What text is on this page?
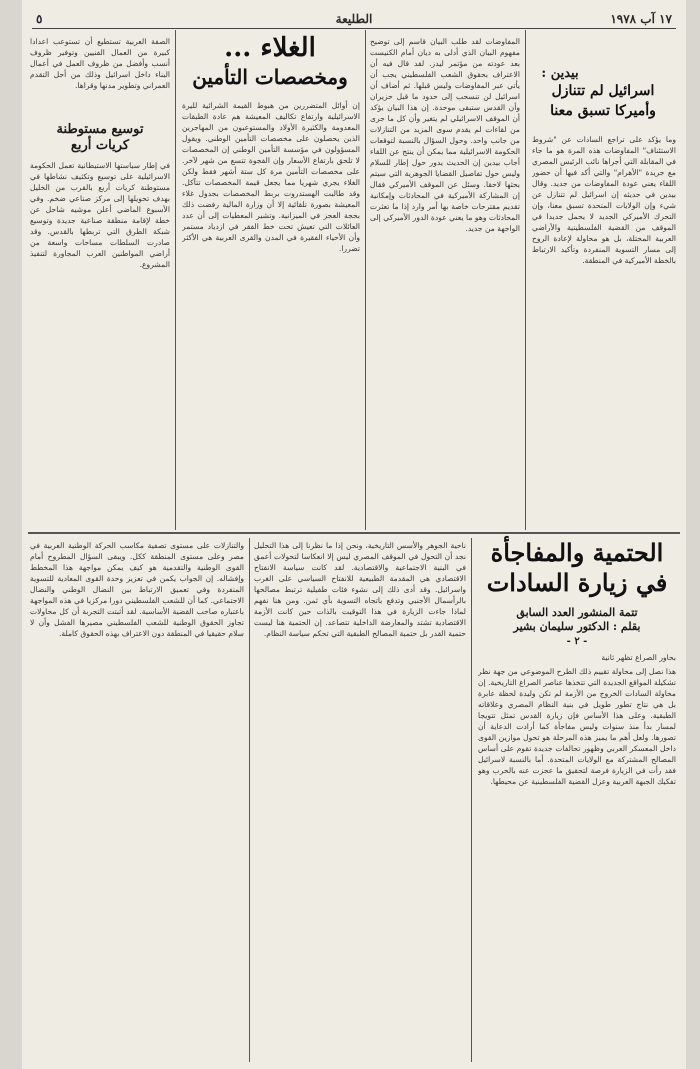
١٧ آب ١٩٧٨
الطليعة
٥
بيدين :
اسرائيل لم تتنازل
وأميركا تسبق معنا
وما يؤكد على تراجع السادات عن "شروط الاستئناف" المفاوضات هذه المرة هو ما جاء في المقابلة التي أجراها نائب الرئيس المصري مع جريدة "الأهرام" والتي أكد فيها أن حضور اللقاء يعني عودة المفاوضات من جديد. وقال بيدين في حديثه إن اسرائيل لم تتنازل عن شيء وإن الولايات المتحدة تسبق معنا، وإن التحرك الأميركي الجديد لا يحمل جديدا في الموقف من القضية الفلسطينية والأراضي العربية المحتلة، بل هو محاولة لإعادة الروح إلى مسار التسوية المنفردة وتأكيد الارتباط بالخطة الأميركية في المنطقة.
المفاوضات لقد طلب البيان قاسم إلى توضيح مفهوم البيان الذي أدلى به ديان أمام الكنيست بعد عودته من مؤتمر ليدز. لقد قال فيه أن الاعتراف بحقوق الشعب الفلسطيني يجب أن يأتي عبر المفاوضات وليس قبلها. ثم أضاف أن اسرائيل لن تنسحب إلى حدود ما قبل حزيران وأن القدس ستبقى موحدة. إن هذا البيان يؤكد أن الموقف الاسرائيلي لم يتغير وأن كل ما جرى من لقاءات لم يقدم سوى المزيد من التنازلات من جانب واحد. وحول السؤال بالنسبة لتوقعات الحكومة الاسرائيلية مما يمكن أن ينتج عن اللقاء أجاب بيدين إن الحديث يدور حول إطار للسلام وليس حول تفاصيل القضايا الجوهرية التي سيتم بحثها لاحقا. وسئل عن الموقف الأميركي فقال إن المشاركة الأميركية في المحادثات وإمكانية تقديم مقترحات خاصة بها أمر وارد إذا ما تعثرت المحادثات وهو ما يعني عودة الدور الأميركي إلى الواجهة من جديد.
الغلاء ...
ومخصصات التأمين
إن أوائل المتضررين من هبوط القيمة الشرائية لليرة الاسرائيلية وارتفاع تكاليف المعيشة هم عادة الطبقات المعدومة والكثيرة الأولاد والمستوعبون من المهاجرين الذين يحصلون على مخصصات التأمين الوطني. ويقول المسؤولون في مؤسسة التأمين الوطني إن المخصصات لا تلحق بارتفاع الأسعار وإن الفجوة تتسع من شهر لآخر. على مخصصات التأمين مرة كل ستة أشهر فقط ولكن الغلاء يجري شهريا مما يجعل قيمة المخصصات تتآكل. وقد طالبت الهستدروت بربط المخصصات بجدول غلاء المعيشة بصورة تلقائية إلا أن وزارة المالية رفضت ذلك بحجة العجز في الميزانية. وتشير المعطيات إلى أن عدد العائلات التي تعيش تحت خط الفقر في ازدياد مستمر وأن الأحياء الفقيرة في المدن والقرى العربية هي الأكثر تضررا.
الصفة العربية تستطيع أن تستوعب اعدادا كبيرة من العمال الفنيين وتوفير ظروف أنسب وأفضل من ظروف العمل في أعمال البناء داخل اسرائيل وذلك من أجل التقدم العمراني وتطوير مدنها وقراها.
توسيع مستوطنة
كريات أربع
في إطار سياستها الاستيطانية تعمل الحكومة الاسرائيلية على توسيع وتكثيف نشاطها في مستوطنة كريات أربع بالقرب من الخليل بهدف تحويلها إلى مركز صناعي ضخم. وفي الأسبوع الماضي أعلن موشيه شاحل عن خطة لإقامة منطقة صناعية جديدة وتوسيع شبكة الطرق التي تربطها بالقدس. وقد صادرت السلطات مساحات واسعة من أراضي المواطنين العرب المجاورة لتنفيذ المشروع.
الحتمية والمفاجأة
في زيارة السادات
تتمة المنشور العدد السابق
بقلم : الدكتور سليمان بشير
- ٢ -
بحاور الصراع تظهر ثانية
هذا نصل إلى محاولة تقييم ذلك الطرح الموضوعي من جهة نظر تشكيلة المواقع الجديدة التي تتخذها عناصر الصراع التاريخية. إن محاولة السادات الخروج من الأزمة لم تكن وليدة لحظة عابرة بل هي نتاج تطور طويل في بنية النظام المصري وعلاقاته الطبقية. وعلى هذا الأساس فإن زيارة القدس تمثل تتويجا لمسار بدأ منذ سنوات وليس مفاجأة كما أرادت الدعاية أن تصورها. ولعل أهم ما يميز هذه المرحلة هو تحول موازين القوى داخل المعسكر العربي وظهور تحالفات جديدة تقوم على أساس المصالح المشتركة مع الولايات المتحدة. أما بالنسبة لاسرائيل فقد رأت في الزيارة فرصة لتحقيق ما عجزت عنه بالحرب وهو تفكيك الجبهة العربية وعزل القضية الفلسطينية عن محيطها.
ناحية الجوهر والأسس التاريخية، ونحن إذا ما نظرنا إلى هذا التحليل نجد أن التحول في الموقف المصري ليس إلا انعكاسا لتحولات أعمق في البنية الاجتماعية والاقتصادية. لقد كانت سياسة الانفتاح الاقتصادي هي المقدمة الطبيعية للانفتاح السياسي على الغرب واسرائيل. وقد أدى ذلك إلى نشوء فئات طفيلية ترتبط مصالحها بالرأسمال الأجنبي وتدفع باتجاه التسوية بأي ثمن. ومن هنا نفهم لماذا جاءت الزيارة في هذا التوقيت بالذات حين كانت الأزمة الاقتصادية تشتد والمعارضة الداخلية تتصاعد. إن الحتمية هنا ليست حتمية القدر بل حتمية المصالح الطبقية التي تحكم سياسة النظام.
والتنازلات على مستوى تصفية مكاسب الحركة الوطنية العربية في مصر وعلى مستوى المنطقة ككل. ويبقى السؤال المطروح أمام القوى الوطنية والتقدمية هو كيف يمكن مواجهة هذا المخطط وإفشاله. إن الجواب يكمن في تعزيز وحدة القوى المعادية للتسوية المنفردة وفي تعميق الارتباط بين النضال الوطني والنضال الاجتماعي. كما أن للشعب الفلسطيني دورا مركزيا في هذه المواجهة باعتباره صاحب القضية الأساسية. لقد أثبتت التجربة أن كل محاولات تجاوز الحقوق الوطنية للشعب الفلسطيني مصيرها الفشل وأن لا سلام حقيقيا في المنطقة دون الاعتراف بهذه الحقوق كاملة.
